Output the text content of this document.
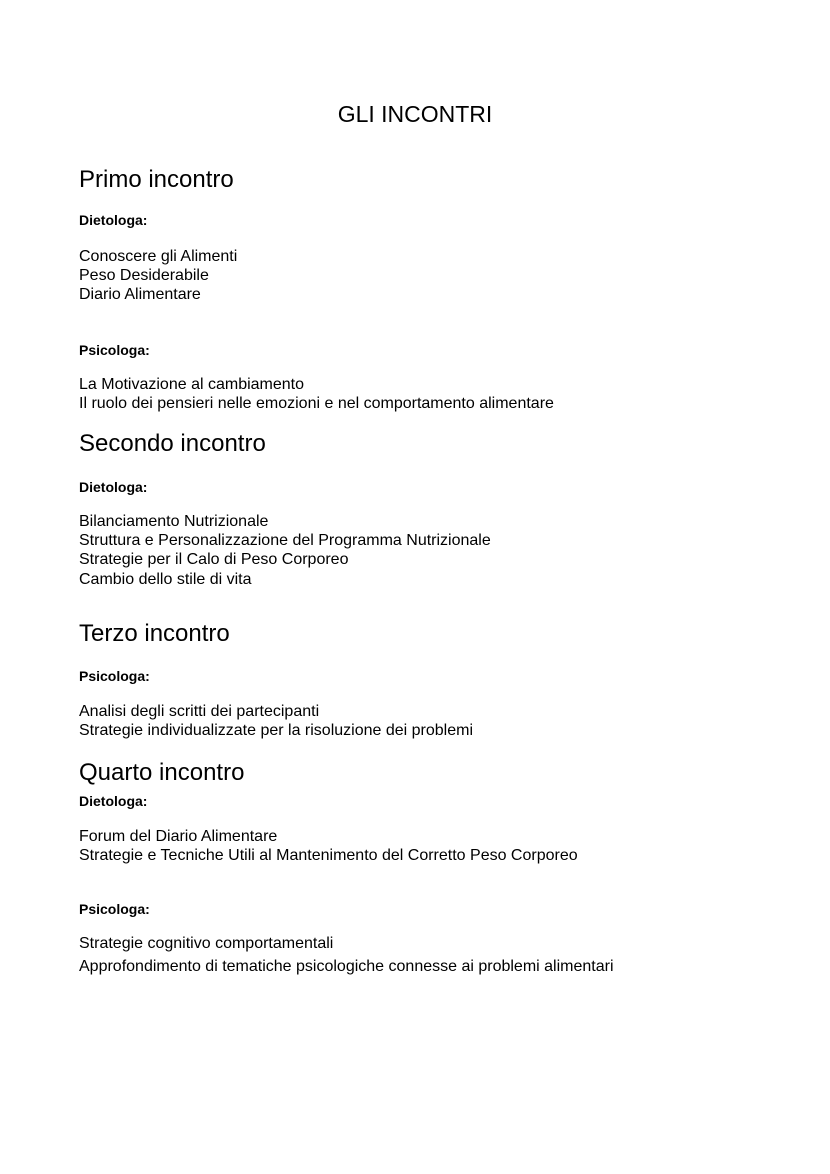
GLI INCONTRI
Primo incontro
Dietologa:
Conoscere gli Alimenti
Peso Desiderabile
Diario Alimentare
Psicologa:
La Motivazione al cambiamento
Il ruolo dei pensieri nelle emozioni e nel comportamento alimentare
Secondo incontro
Dietologa:
Bilanciamento Nutrizionale
Struttura e Personalizzazione del Programma Nutrizionale
Strategie per il Calo di Peso Corporeo
Cambio dello stile di vita
Terzo incontro
Psicologa:
Analisi degli scritti dei partecipanti
Strategie individualizzate per la risoluzione dei problemi
Quarto incontro
Dietologa:
Forum del Diario Alimentare
Strategie e Tecniche Utili al Mantenimento del Corretto Peso Corporeo
Psicologa:
Strategie cognitivo comportamentali
Approfondimento di tematiche psicologiche connesse ai problemi alimentari
